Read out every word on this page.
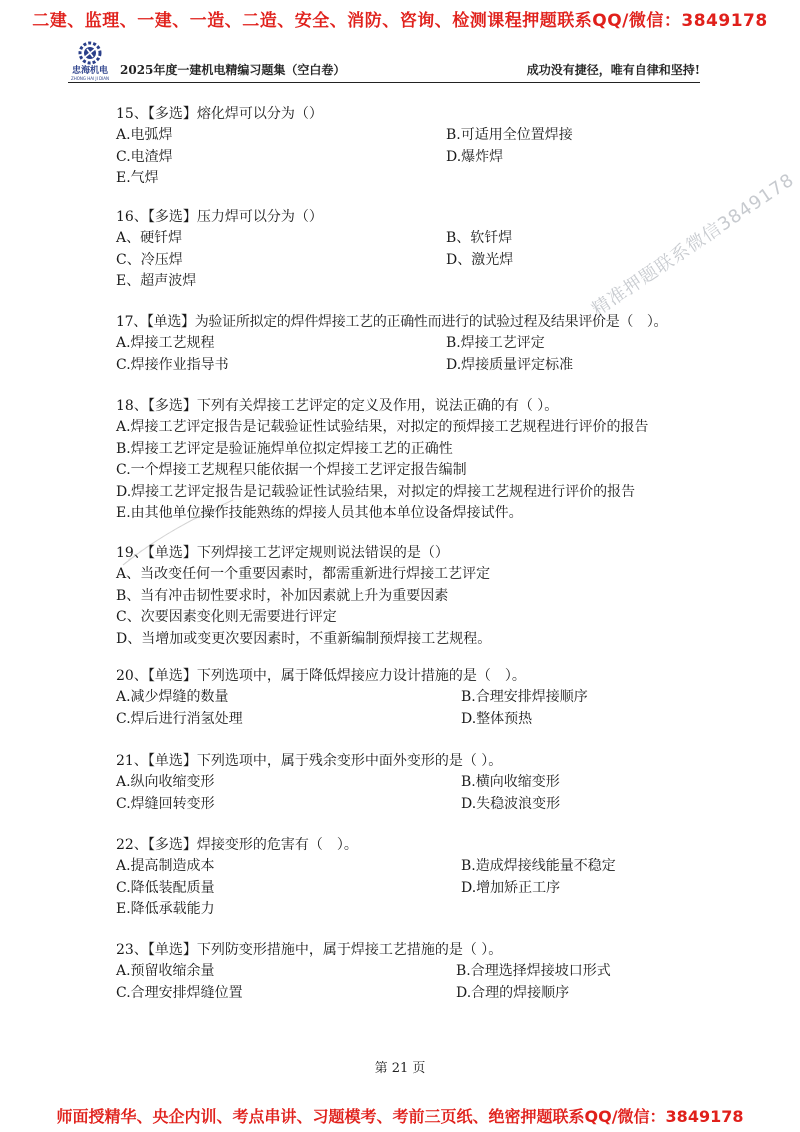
二建、监理、一建、一造、二造、安全、消防、咨询、检测课程押题联系QQ/微信：3849178
忠海机电
ZHONG HAI JI DIAN
2025年度一建机电精编习题集（空白卷）	成功没有捷径，唯有自律和坚持!
精准押题联系微信3849178
15、【多选】熔化焊可以分为（）
A.电弧焊	B.可适用全位置焊接
C.电渣焊	D.爆炸焊
E.气焊
16、【多选】压力焊可以分为（）
A、硬钎焊	B、软钎焊
C、冷压焊	D、激光焊
E、超声波焊
17、【单选】为验证所拟定的焊件焊接工艺的正确性而进行的试验过程及结果评价是（　）。
A.焊接工艺规程	B.焊接工艺评定
C.焊接作业指导书	D.焊接质量评定标准
18、【多选】下列有关焊接工艺评定的定义及作用，说法正确的有（ ）。
A.焊接工艺评定报告是记载验证性试验结果，对拟定的预焊接工艺规程进行评价的报告
B.焊接工艺评定是验证施焊单位拟定焊接工艺的正确性
C.一个焊接工艺规程只能依据一个焊接工艺评定报告编制
D.焊接工艺评定报告是记载验证性试验结果，对拟定的焊接工艺规程进行评价的报告
E.由其他单位操作技能熟练的焊接人员其他本单位设备焊接试件。
19、【单选】下列焊接工艺评定规则说法错误的是（）
A、当改变任何一个重要因素时，都需重新进行焊接工艺评定
B、当有冲击韧性要求时，补加因素就上升为重要因素
C、次要因素变化则无需要进行评定
D、当增加或变更次要因素时，不重新编制预焊接工艺规程。
20、【单选】下列选项中，属于降低焊接应力设计措施的是（　）。
A.减少焊缝的数量	B.合理安排焊接顺序
C.焊后进行消氢处理	D.整体预热
21、【单选】下列选项中，属于残余变形中面外变形的是（ ）。
A.纵向收缩变形	B.横向收缩变形
C.焊缝回转变形	D.失稳波浪变形
22、【多选】焊接变形的危害有（　）。
A.提高制造成本	B.造成焊接线能量不稳定
C.降低装配质量	D.增加矫正工序
E.降低承载能力
23、【单选】下列防变形措施中，属于焊接工艺措施的是（ ）。
A.预留收缩余量	B.合理选择焊接坡口形式
C.合理安排焊缝位置	D.合理的焊接顺序
第 21 页
师面授精华、央企内训、考点串讲、习题模考、考前三页纸、绝密押题联系QQ/微信：3849178
